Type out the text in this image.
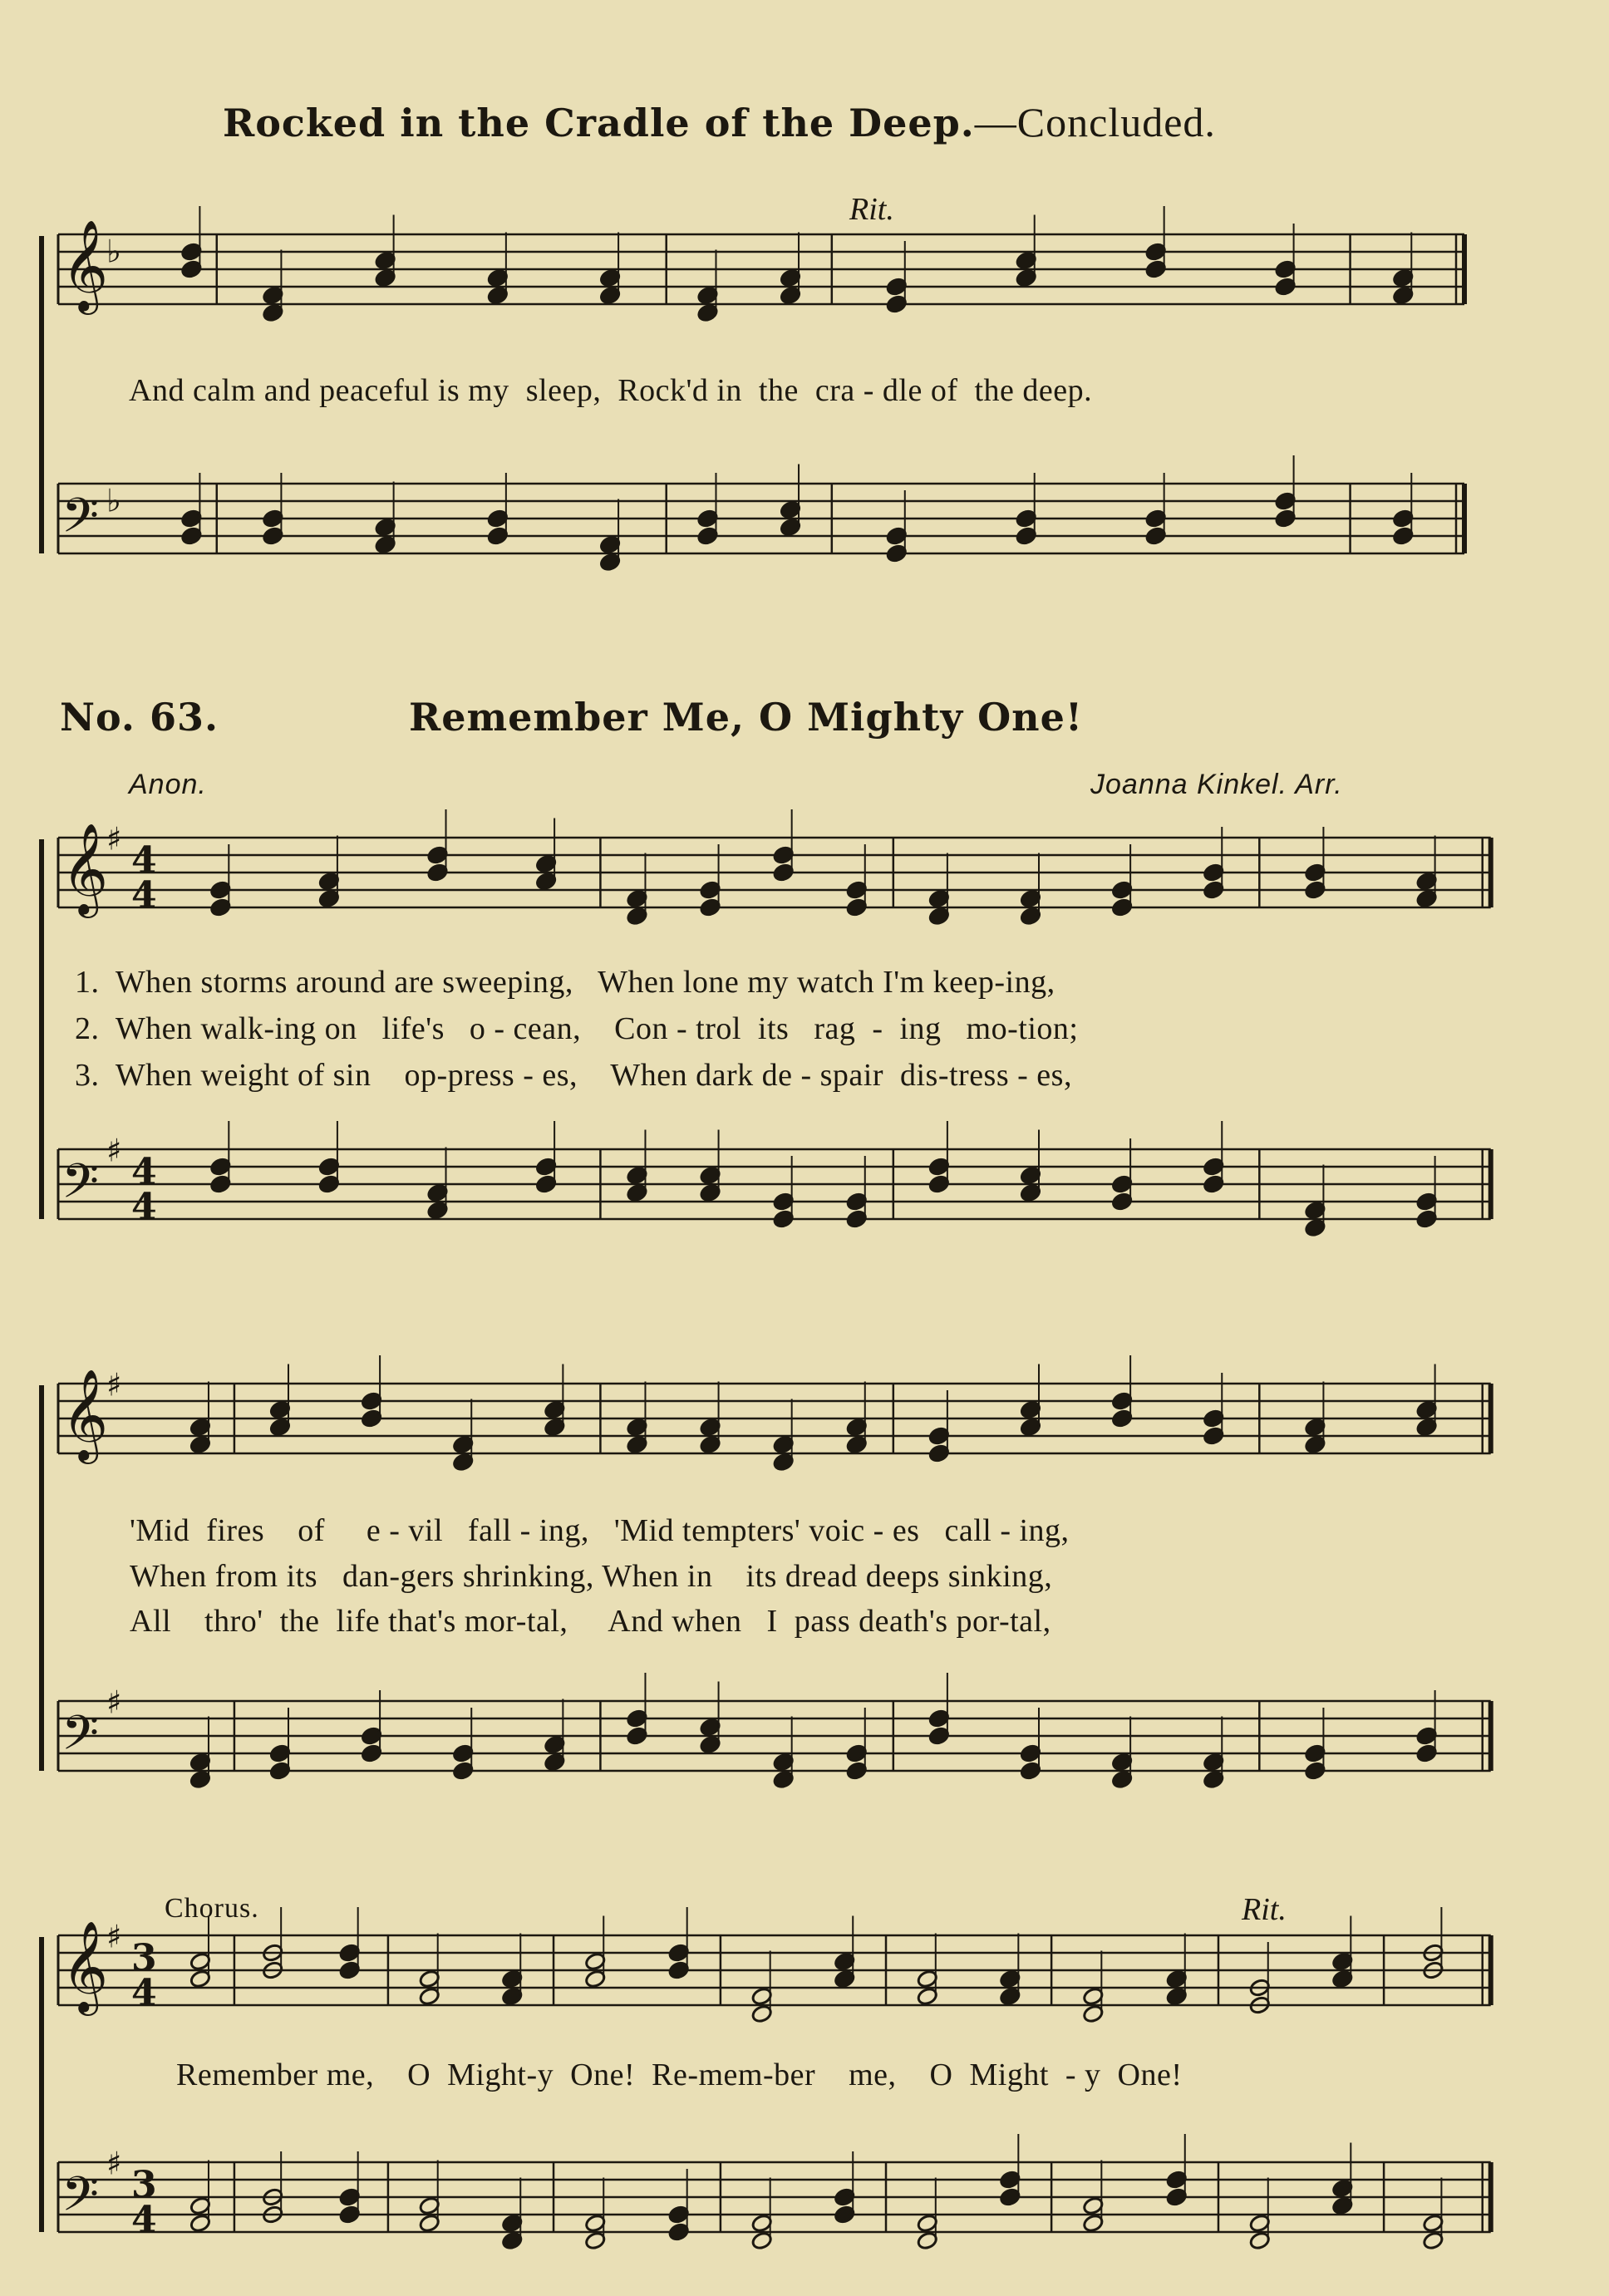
𝄞
♭
𝄢 ♭
𝄞
♯
4
4
𝄢
♯
4
4
𝄞
♯
𝄢
♯
𝄞
♯
3
4
𝄢
♯
3
4
Rocked in the Cradle of the Deep.—Concluded.
Rit.
And calm and peaceful is my  sleep,  Rock'd in  the  cra - dle of  the deep.
No. 63.	Remember Me, O Mighty One!
Anon.	Joanna Kinkel. Arr.
1.  When storms around are sweeping,   When lone my watch I'm keep-ing,
2.  When walk-ing on   life's   o - cean,    Con - trol  its   rag  -  ing   mo-tion;
3.  When weight of sin    op-press - es,    When dark de - spair  dis-tress - es,
'Mid  fires    of     e - vil   fall - ing,   'Mid tempters' voic - es   call - ing,
When from its   dan-gers shrinking, When in    its dread deeps sinking,
All    thro'  the  life that's mor-tal,     And when   I  pass death's por-tal,
Chorus.	Rit.
Remember me,    O  Might-y  One!  Re-mem-ber    me,    O  Might  - y  One!
